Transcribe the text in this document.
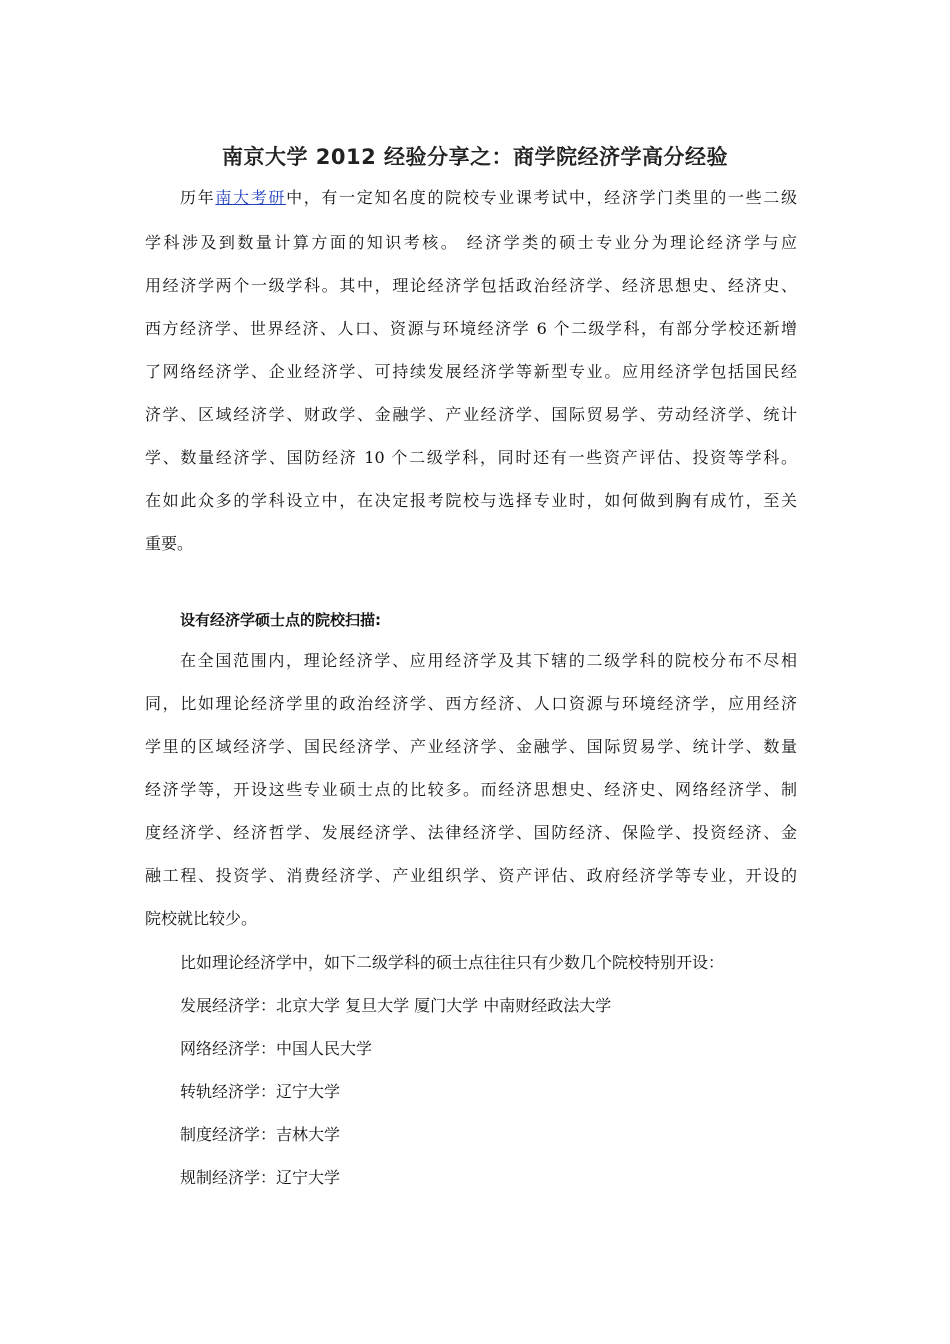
南京大学 2012 经验分享之：商学院经济学高分经验
历年南大考研中，有一定知名度的院校专业课考试中，经济学门类里的一些二级
学科涉及到数量计算方面的知识考核。 经济学类的硕士专业分为理论经济学与应
用经济学两个一级学科。其中，理论经济学包括政治经济学、经济思想史、经济史、
西方经济学、世界经济、人口、资源与环境经济学 6 个二级学科，有部分学校还新增
了网络经济学、企业经济学、可持续发展经济学等新型专业。应用经济学包括国民经
济学、区域经济学、财政学、金融学、产业经济学、国际贸易学、劳动经济学、统计
学、数量经济学、国防经济 10 个二级学科，同时还有一些资产评估、投资等学科。
在如此众多的学科设立中，在决定报考院校与选择专业时，如何做到胸有成竹，至关
重要。
设有经济学硕士点的院校扫描:
在全国范围内，理论经济学、应用经济学及其下辖的二级学科的院校分布不尽相
同，比如理论经济学里的政治经济学、西方经济、人口资源与环境经济学，应用经济
学里的区域经济学、国民经济学、产业经济学、金融学、国际贸易学、统计学、数量
经济学等，开设这些专业硕士点的比较多。而经济思想史、经济史、网络经济学、制
度经济学、经济哲学、发展经济学、法律经济学、国防经济、保险学、投资经济、金
融工程、投资学、消费经济学、产业组织学、资产评估、政府经济学等专业，开设的
院校就比较少。
比如理论经济学中，如下二级学科的硕士点往往只有少数几个院校特别开设：
发展经济学：北京大学 复旦大学 厦门大学 中南财经政法大学
网络经济学：中国人民大学
转轨经济学：辽宁大学
制度经济学：吉林大学
规制经济学：辽宁大学
